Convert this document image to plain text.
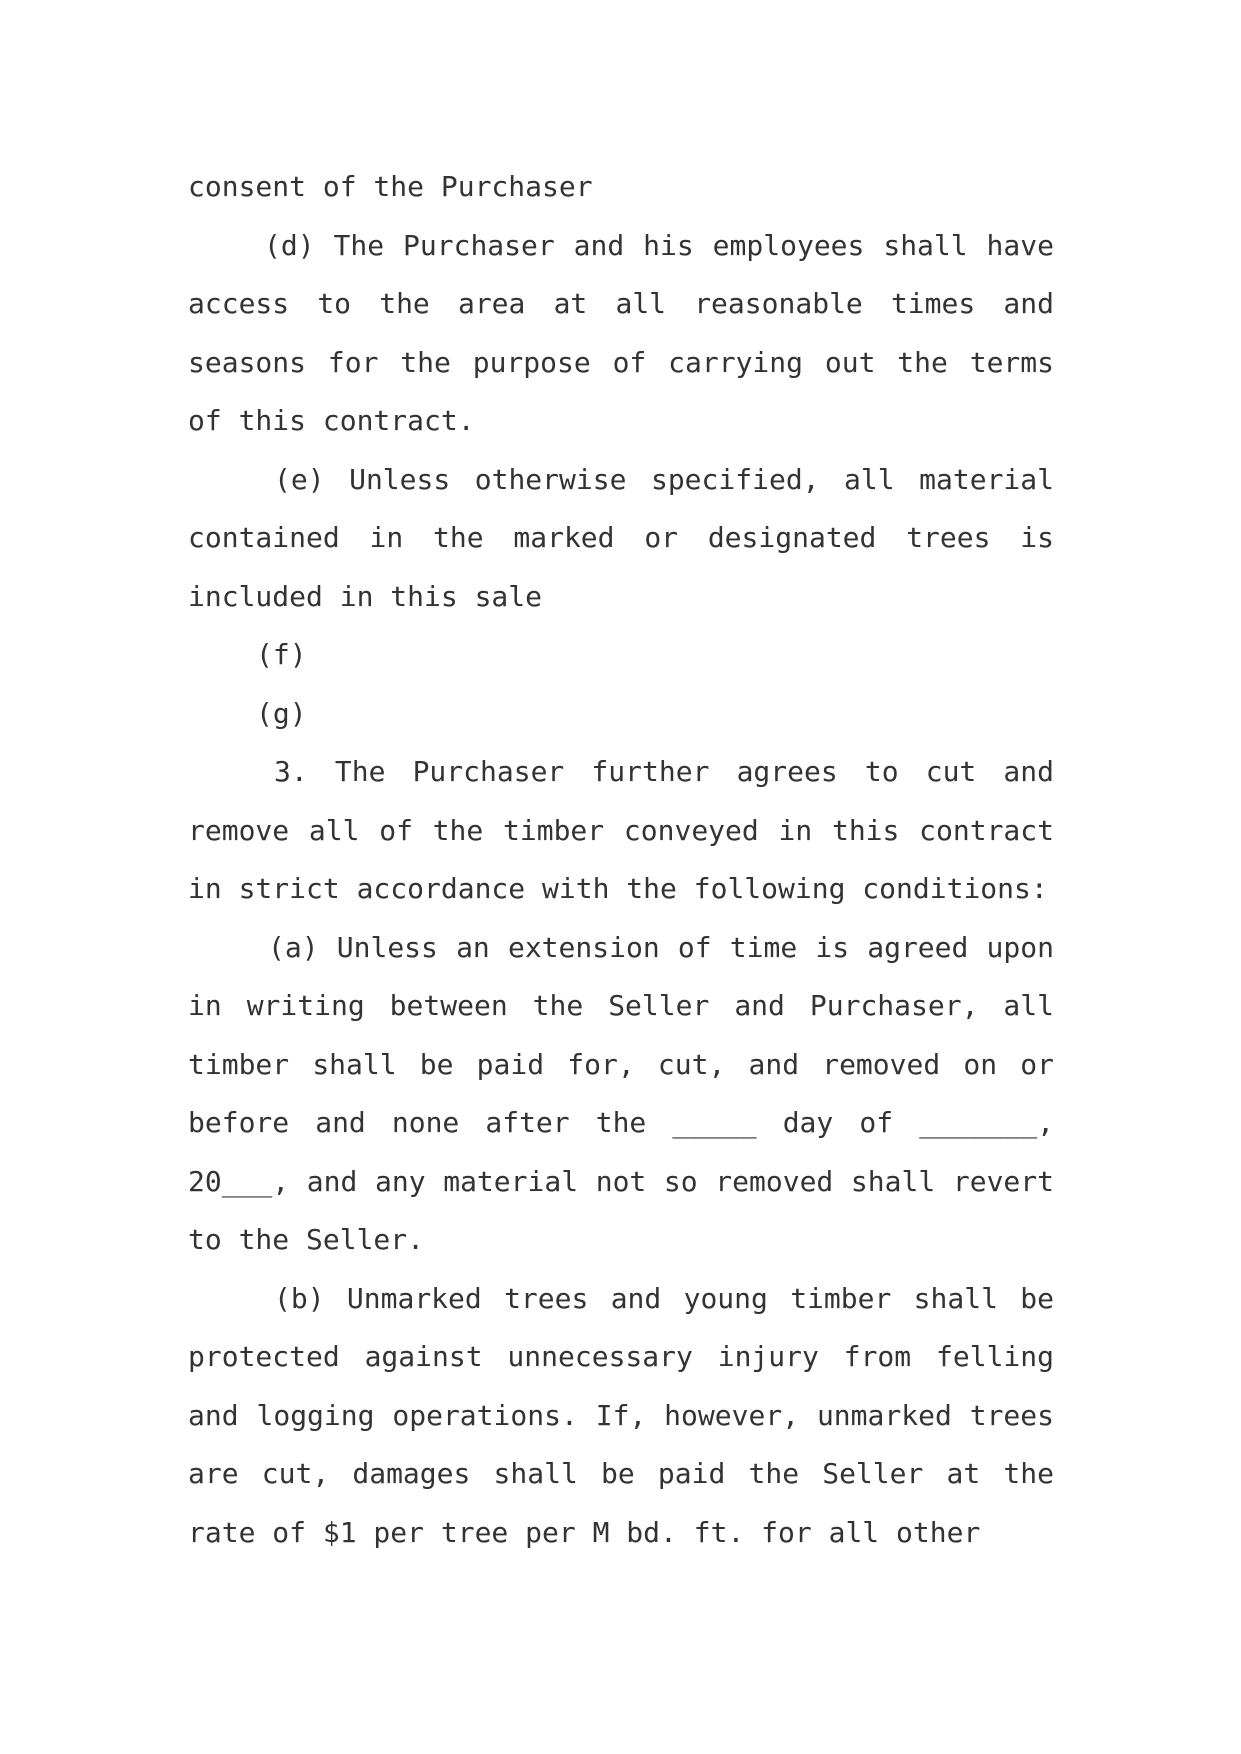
consent of the Purchaser

(d) The Purchaser and his employees shall have access to the area at all reasonable times and seasons for the purpose of carrying out the terms of this contract.

(e) Unless otherwise specified, all material contained in the marked or designated trees is included in this sale

(f)

(g)

3. The Purchaser further agrees to cut and remove all of the timber conveyed in this contract in strict accordance with the following conditions:

(a) Unless an extension of time is agreed upon in writing between the Seller and Purchaser, all timber shall be paid for, cut, and removed on or before and none after the _____ day of _______, 20___, and any material not so removed shall revert to the Seller.

(b) Unmarked trees and young timber shall be protected against unnecessary injury from felling and logging operations. If, however, unmarked trees are cut, damages shall be paid the Seller at the rate of $1 per tree per M bd. ft. for all other
